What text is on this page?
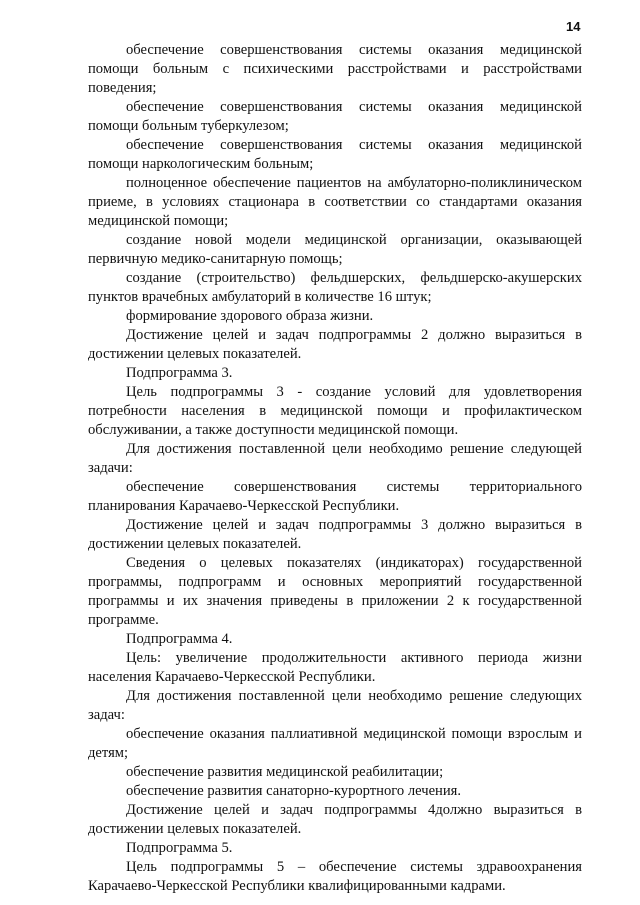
14

обеспечение совершенствования системы оказания медицинской помощи больным с психическими расстройствами и расстройствами поведения;

обеспечение совершенствования системы оказания медицинской помощи больным туберкулезом;

обеспечение совершенствования системы оказания медицинской помощи наркологическим больным;

полноценное обеспечение пациентов на амбулаторно-поликлиническом приеме, в условиях стационара в соответствии со стандартами оказания медицинской помощи;

создание новой модели медицинской организации, оказывающей первичную медико-санитарную помощь;

создание (строительство) фельдшерских, фельдшерско-акушерских пунктов врачебных амбулаторий в количестве 16 штук;

формирование здорового образа жизни.

Достижение целей и задач подпрограммы 2 должно выразиться в достижении целевых показателей.

Подпрограмма 3.

Цель подпрограммы 3 - создание условий для удовлетворения потребности населения в медицинской помощи и профилактическом обслуживании, а также доступности медицинской помощи.

Для достижения поставленной цели необходимо решение следующей задачи:

обеспечение совершенствования системы территориального планирования Карачаево-Черкесской Республики.

Достижение целей и задач подпрограммы 3 должно выразиться в достижении целевых показателей.

Сведения о целевых показателях (индикаторах) государственной программы, подпрограмм и основных мероприятий государственной программы и их значения приведены в приложении 2 к государственной программе.

Подпрограмма 4.

Цель: увеличение продолжительности активного периода жизни населения Карачаево-Черкесской Республики.

Для достижения поставленной цели необходимо решение следующих задач:

обеспечение оказания паллиативной медицинской помощи взрослым и детям;

обеспечение развития медицинской реабилитации;

обеспечение развития санаторно-курортного лечения.

Достижение целей и задач подпрограммы 4должно выразиться в достижении целевых показателей.

Подпрограмма 5.

Цель подпрограммы 5 – обеспечение системы здравоохранения Карачаево-Черкесской Республики квалифицированными кадрами.
